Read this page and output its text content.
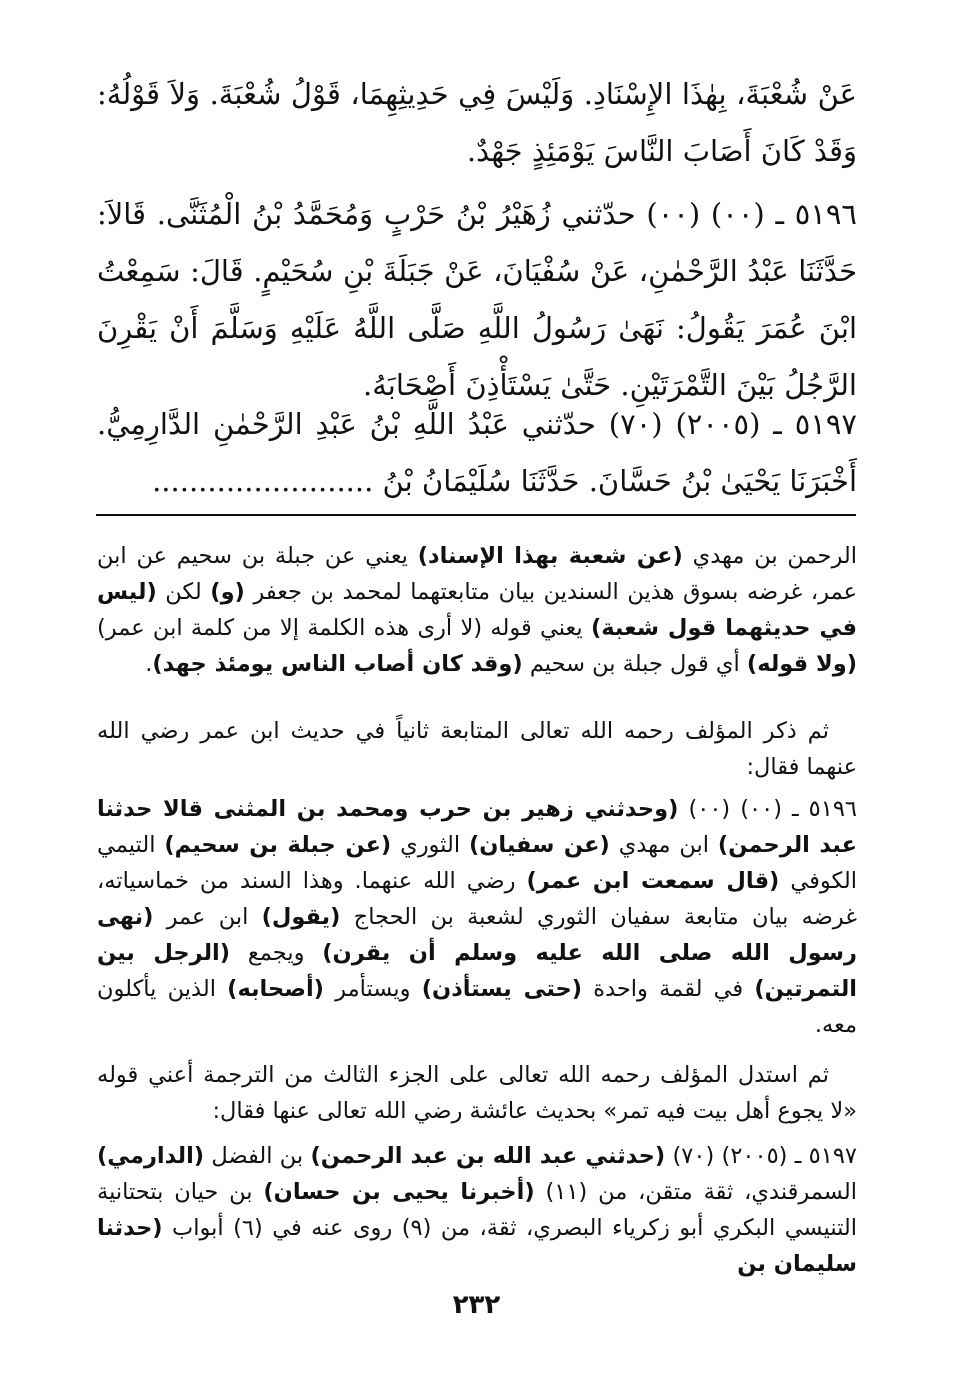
عَنْ شُعْبَةَ، بِهٰذَا الإِسْنَادِ. وَلَيْسَ فِي حَدِيثِهِمَا، قَوْلُ شُعْبَةَ. وَلاَ قَوْلُهُ: وَقَدْ كَانَ أَصَابَ النَّاسَ يَوْمَئِذٍ جَهْدٌ.

٥١٩٦ ـ (٠٠) (٠٠) حدّثني زُهَيْرُ بْنُ حَرْبٍ وَمُحَمَّدُ بْنُ الْمُثَنَّى. قَالاَ: حَدَّثَنَا عَبْدُ الرَّحْمٰنِ، عَنْ سُفْيَانَ، عَنْ جَبَلَةَ بْنِ سُحَيْمٍ. قَالَ: سَمِعْتُ ابْنَ عُمَرَ يَقُولُ: نَهَىٰ رَسُولُ اللَّهِ صَلَّى اللَّهُ عَلَيْهِ وَسَلَّمَ أَنْ يَقْرِنَ الرَّجُلُ بَيْنَ التَّمْرَتَيْنِ. حَتَّىٰ يَسْتَأْذِنَ أَصْحَابَهُ.

٥١٩٧ ـ (٢٠٠٥) (٧٠) حدّثني عَبْدُ اللَّهِ بْنُ عَبْدِ الرَّحْمٰنِ الدَّارِمِيُّ. أَخْبَرَنَا يَحْيَىٰ بْنُ حَسَّانَ. حَدَّثَنَا سُلَيْمَانُ بْنُ ........................

الرحمن بن مهدي (عن شعبة بهذا الإسناد) يعني عن جبلة بن سحيم عن ابن عمر، غرضه بسوق هذين السندين بيان متابعتهما لمحمد بن جعفر (و) لكن (ليس في حديثهما قول شعبة) يعني قوله (لا أرى هذه الكلمة إلا من كلمة ابن عمر) (ولا قوله) أي قول جبلة بن سحيم (وقد كان أصاب الناس يومئذ جهد).

ثم ذكر المؤلف رحمه الله تعالى المتابعة ثانياً في حديث ابن عمر رضي الله عنهما فقال:

٥١٩٦ ـ (٠٠) (٠٠) (وحدثني زهير بن حرب ومحمد بن المثنى قالا حدثنا عبد الرحمن) ابن مهدي (عن سفيان) الثوري (عن جبلة بن سحيم) التيمي الكوفي (قال سمعت ابن عمر) رضي الله عنهما. وهذا السند من خماسياته، غرضه بيان متابعة سفيان الثوري لشعبة بن الحجاج (يقول) ابن عمر (نهى رسول الله صلى الله عليه وسلم أن يقرن) ويجمع (الرجل بين التمرتين) في لقمة واحدة (حتى يستأذن) ويستأمر (أصحابه) الذين يأكلون معه.

ثم استدل المؤلف رحمه الله تعالى على الجزء الثالث من الترجمة أعني قوله «لا يجوع أهل بيت فيه تمر» بحديث عائشة رضي الله تعالى عنها فقال:

٥١٩٧ ـ (٢٠٠٥) (٧٠) (حدثني عبد الله بن عبد الرحمن) بن الفضل (الدارمي) السمرقندي، ثقة متقن، من (١١) (أخبرنا يحيى بن حسان) بن حيان بتحتانية التنيسي البكري أبو زكرياء البصري، ثقة، من (٩) روى عنه في (٦) أبواب (حدثنا سليمان بن

٢٣٢
